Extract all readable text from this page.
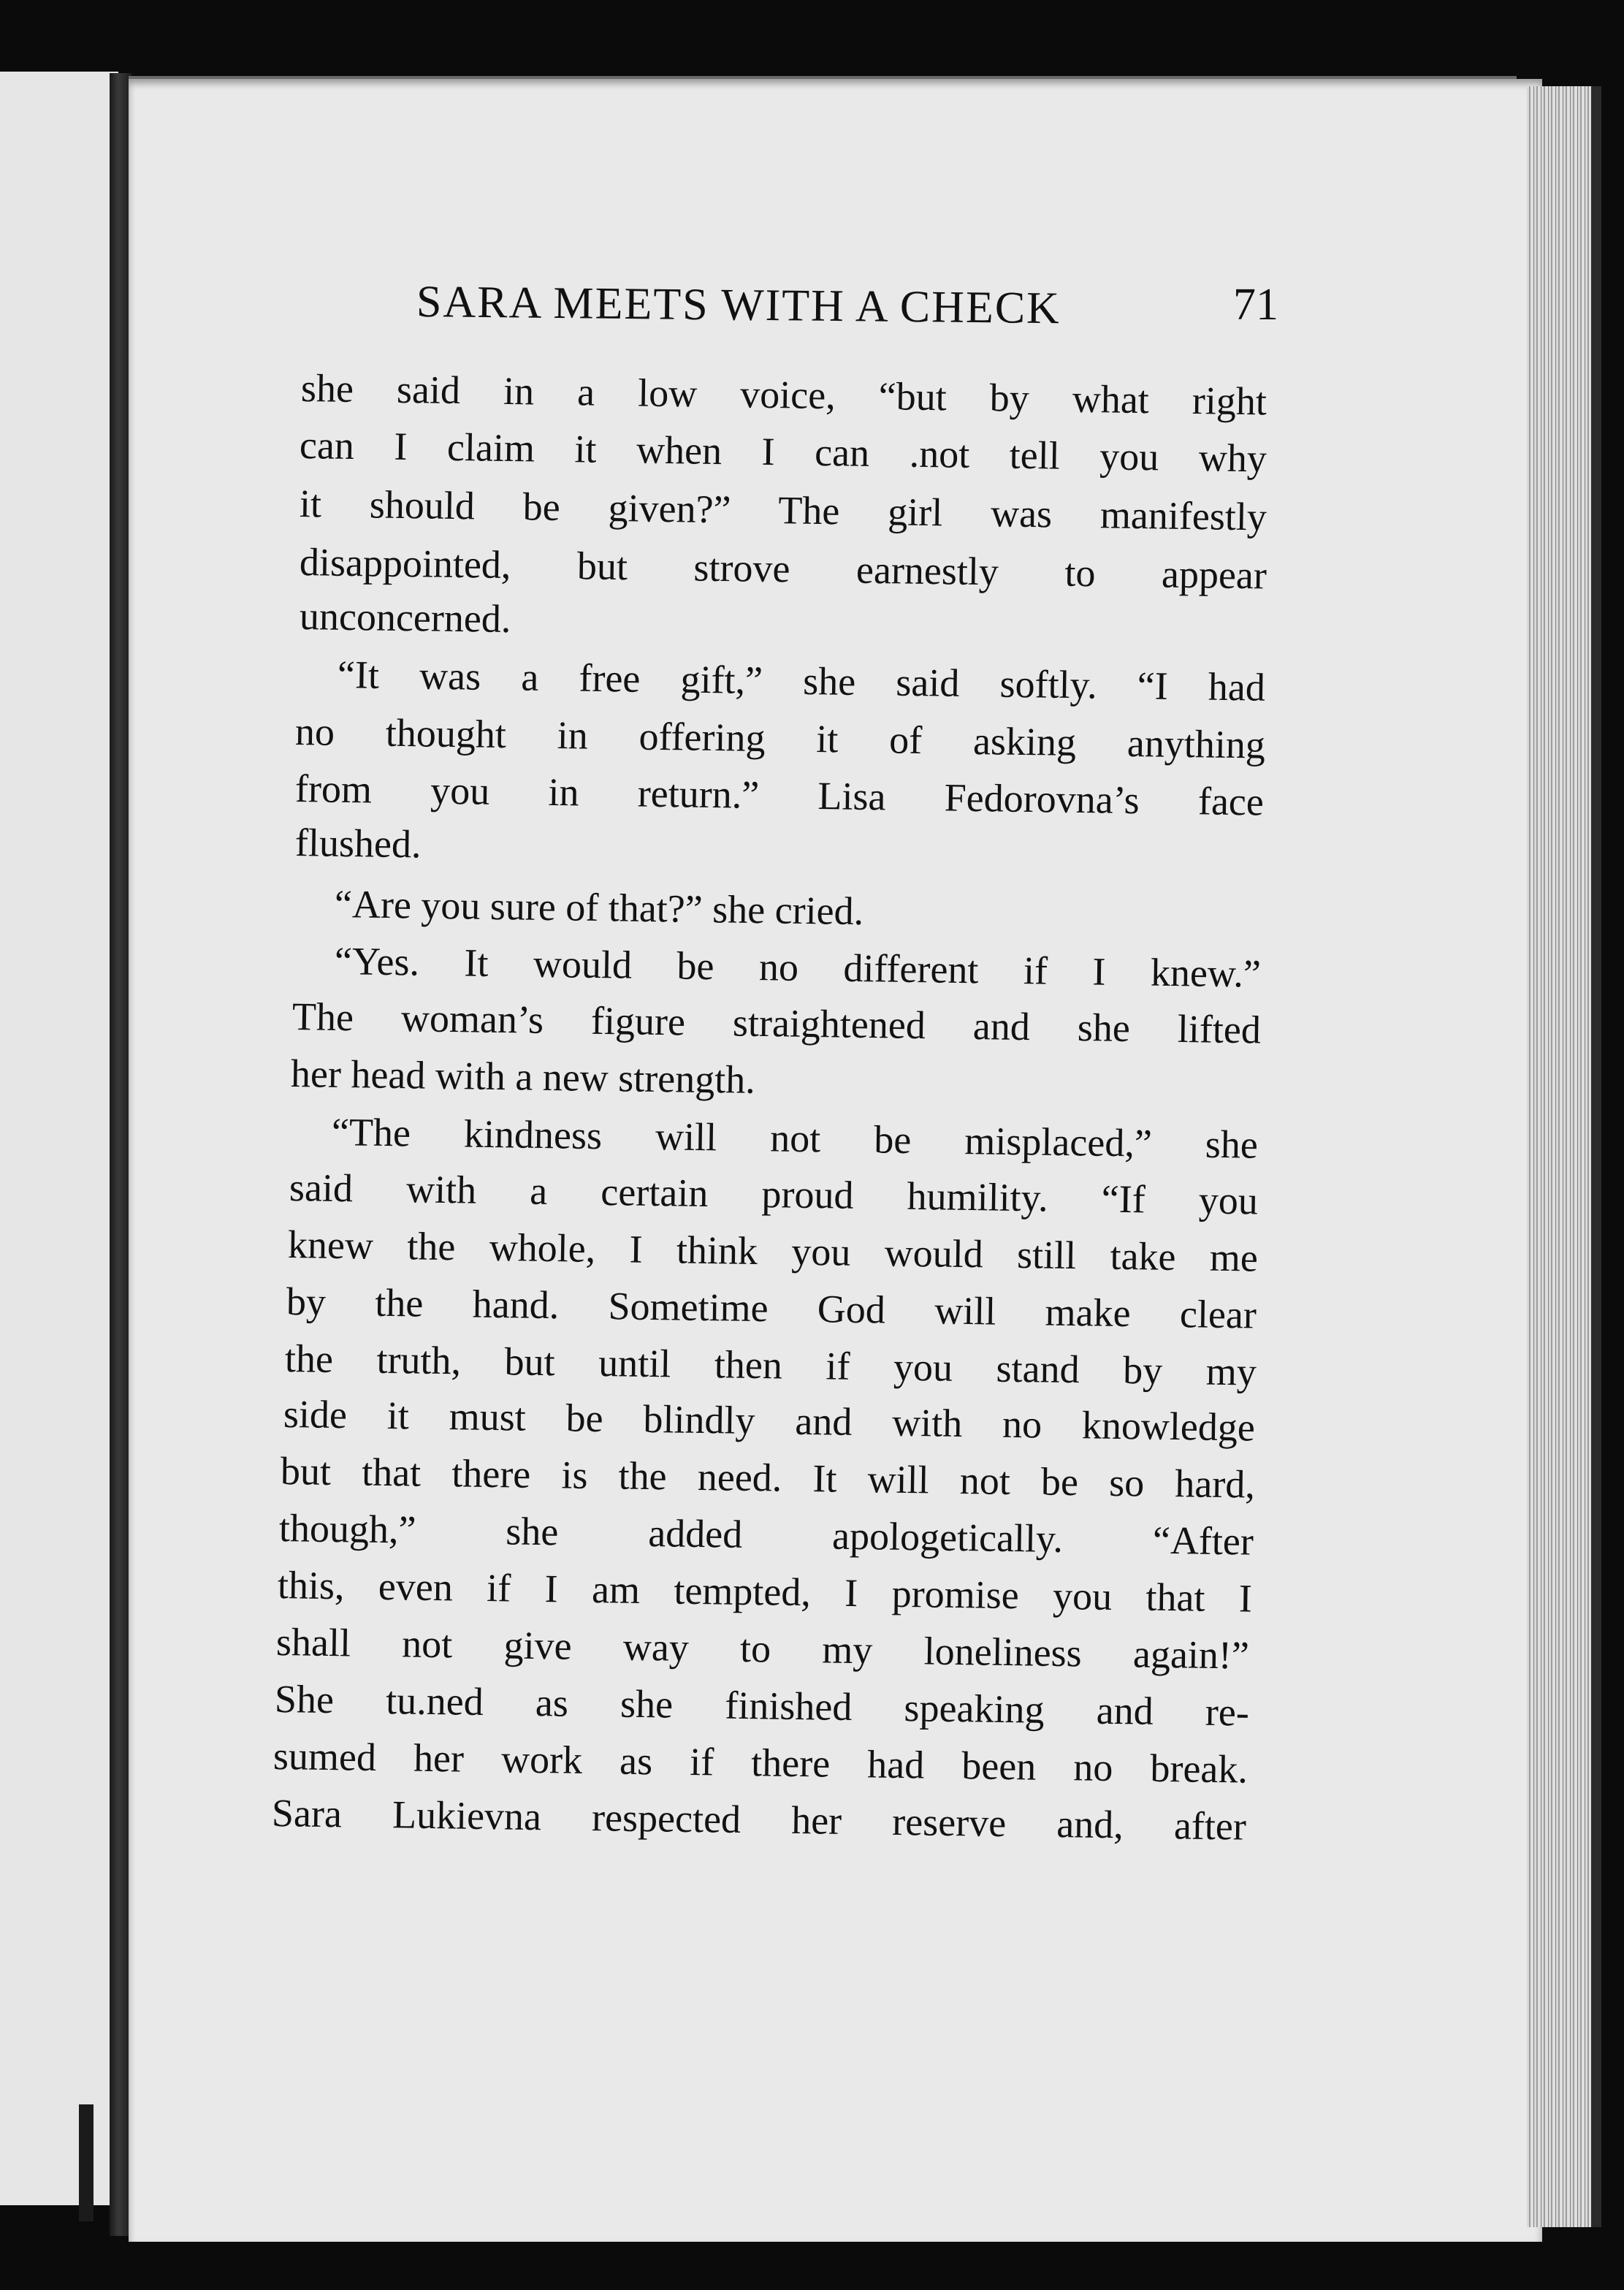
SARA MEETS WITH A CHECK	71
she said in a low voice, “but by what right
can I claim it when I can .not tell you why
it should be given?” The girl was manifestly
disappointed, but strove earnestly to appear
unconcerned.
“It was a free gift,” she said softly. “I had
no thought in offering it of asking anything
from you in return.” Lisa Fedorovna’s face
flushed.
“Are you sure of that?” she cried.
“Yes. It would be no different if I knew.”
The woman’s figure straightened and she lifted
her head with a new strength.
“The kindness will not be misplaced,” she
said with a certain proud humility. “If you
knew the whole, I think you would still take me
by the hand. Sometime God will make clear
the truth, but until then if you stand by my
side it must be blindly and with no knowledge
but that there is the need. It will not be so hard,
though,” she added apologetically. “After
this, even if I am tempted, I promise you that I
shall not give way to my loneliness again!”
She tu.ned as she finished speaking and re-
sumed her work as if there had been no break.
Sara Lukievna respected her reserve and, after
